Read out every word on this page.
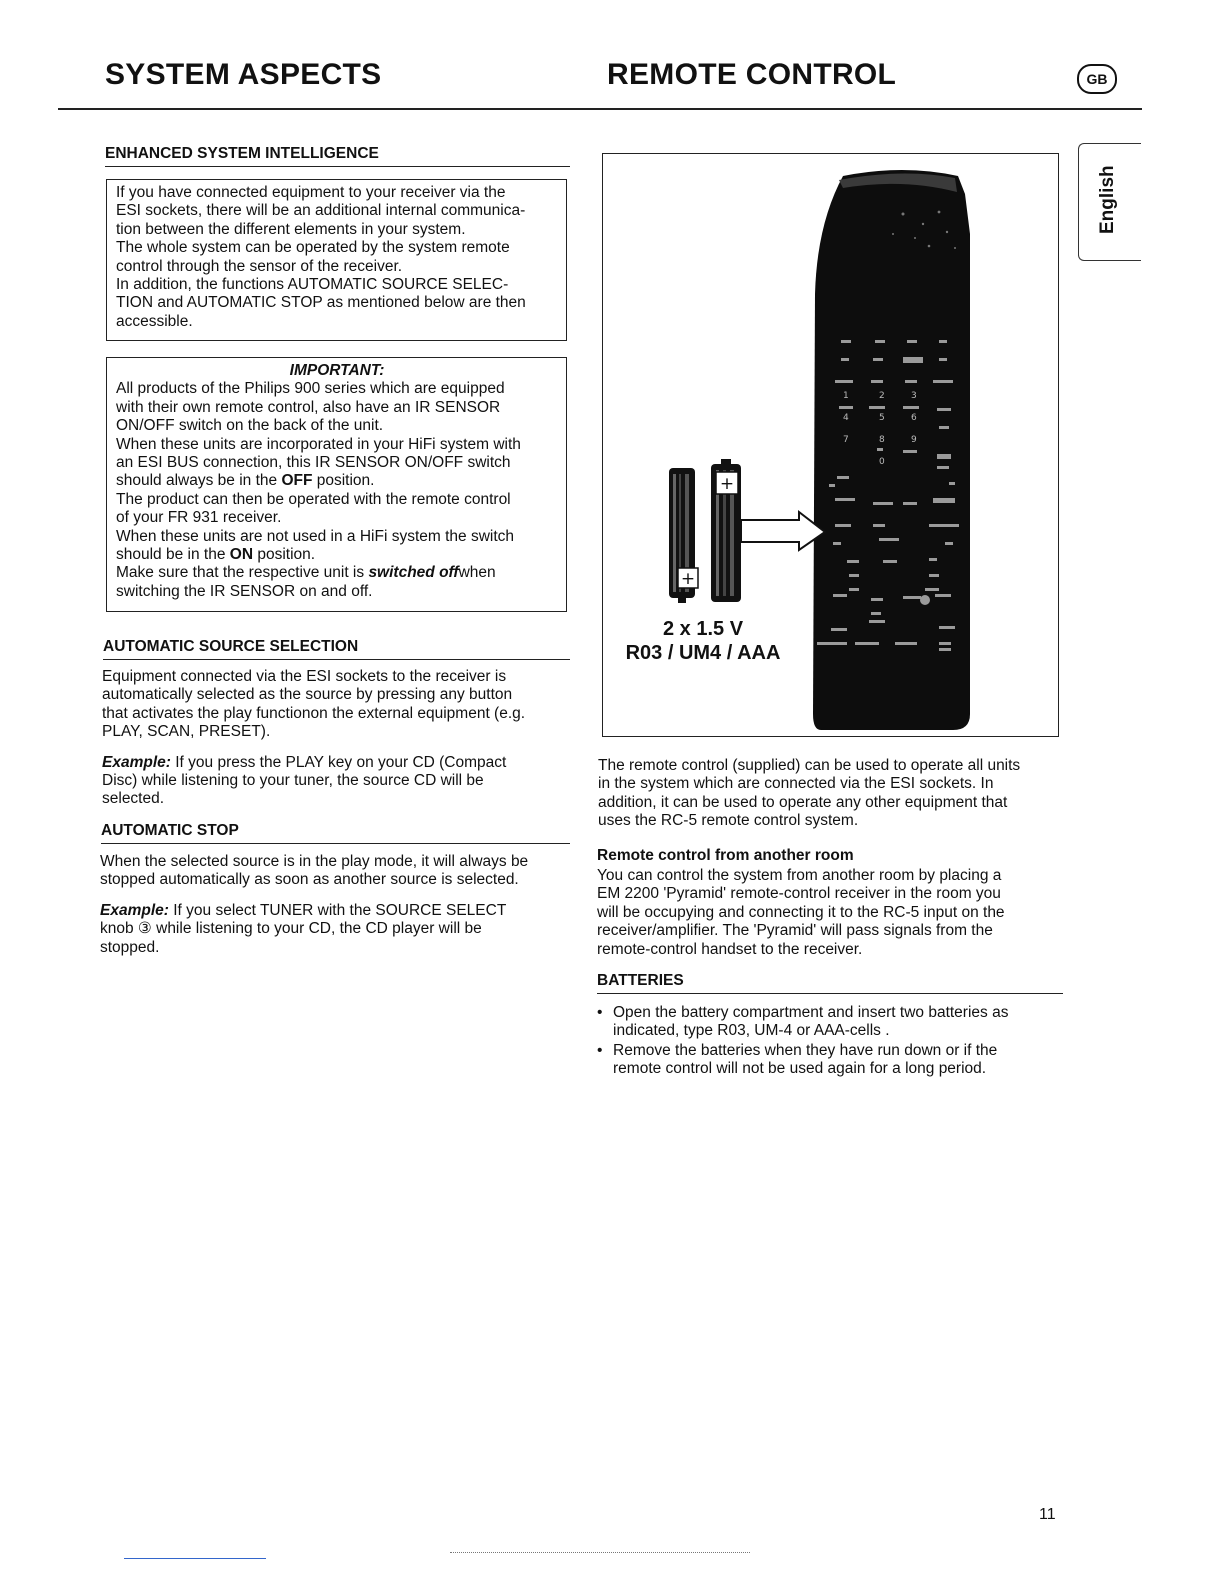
SYSTEM ASPECTS	REMOTE CONTROL	GB
English
ENHANCED SYSTEM INTELLIGENCE

If you have connected equipment to your receiver via the

ESI sockets, there will be an additional internal communica-

tion between the different elements in your system.

The whole system can be operated by the system remote

control through the sensor of the receiver.

In addition, the functions AUTOMATIC SOURCE SELEC-

TION and AUTOMATIC STOP as mentioned below are then

accessible.

IMPORTANT:

All products of the Philips 900 series which are equipped

with their own remote control, also have an IR SENSOR

ON/OFF switch on the back of the unit.

When these units are incorporated in your HiFi system with

an ESI BUS connection, this IR SENSOR ON/OFF switch

should always be in the OFF position.

The product can then be operated with the remote control

of your FR 931 receiver.

When these units are not used in a HiFi system the switch

should be in the ON position.

Make sure that the respective unit is switched offwhen

switching the IR SENSOR on and off.

AUTOMATIC SOURCE SELECTION

Equipment connected via the ESI sockets to the receiver is
automatically selected as the source by pressing any button
that activates the play functionon the external equipment (e.g.
PLAY, SCAN, PRESET).

Example: If you press the PLAY key on your CD (Compact
Disc) while listening to your tuner, the source CD will be
selected.

AUTOMATIC STOP

When the selected source is in the play mode, it will always be
stopped automatically as soon as another source is selected.

Example: If you select TUNER with the SOURCE SELECT
knob ③ while listening to your CD, the CD player will be
stopped.

1	2	3
4	5	6
7	8	9
0
+
+
2 x 1.5 V
R03 / UM4 / AAA

The remote control (supplied) can be used to operate all units
in the system which are connected via the ESI sockets. In
addition, it can be used to operate any other equipment that
uses the RC-5 remote control system.

Remote control from another room
You can control the system from another room by placing a
EM 2200 'Pyramid' remote-control receiver in the room you
will be occupying and connecting it to the RC-5 input on the
receiver/amplifier. The 'Pyramid' will pass signals from the
remote-control handset to the receiver.
BATTERIES
• Open the battery compartment and insert two batteries as
indicated, type R03, UM-4 or AAA-cells .
• Remove the batteries when they have run down or if the
remote control will not be used again for a long period.
11
